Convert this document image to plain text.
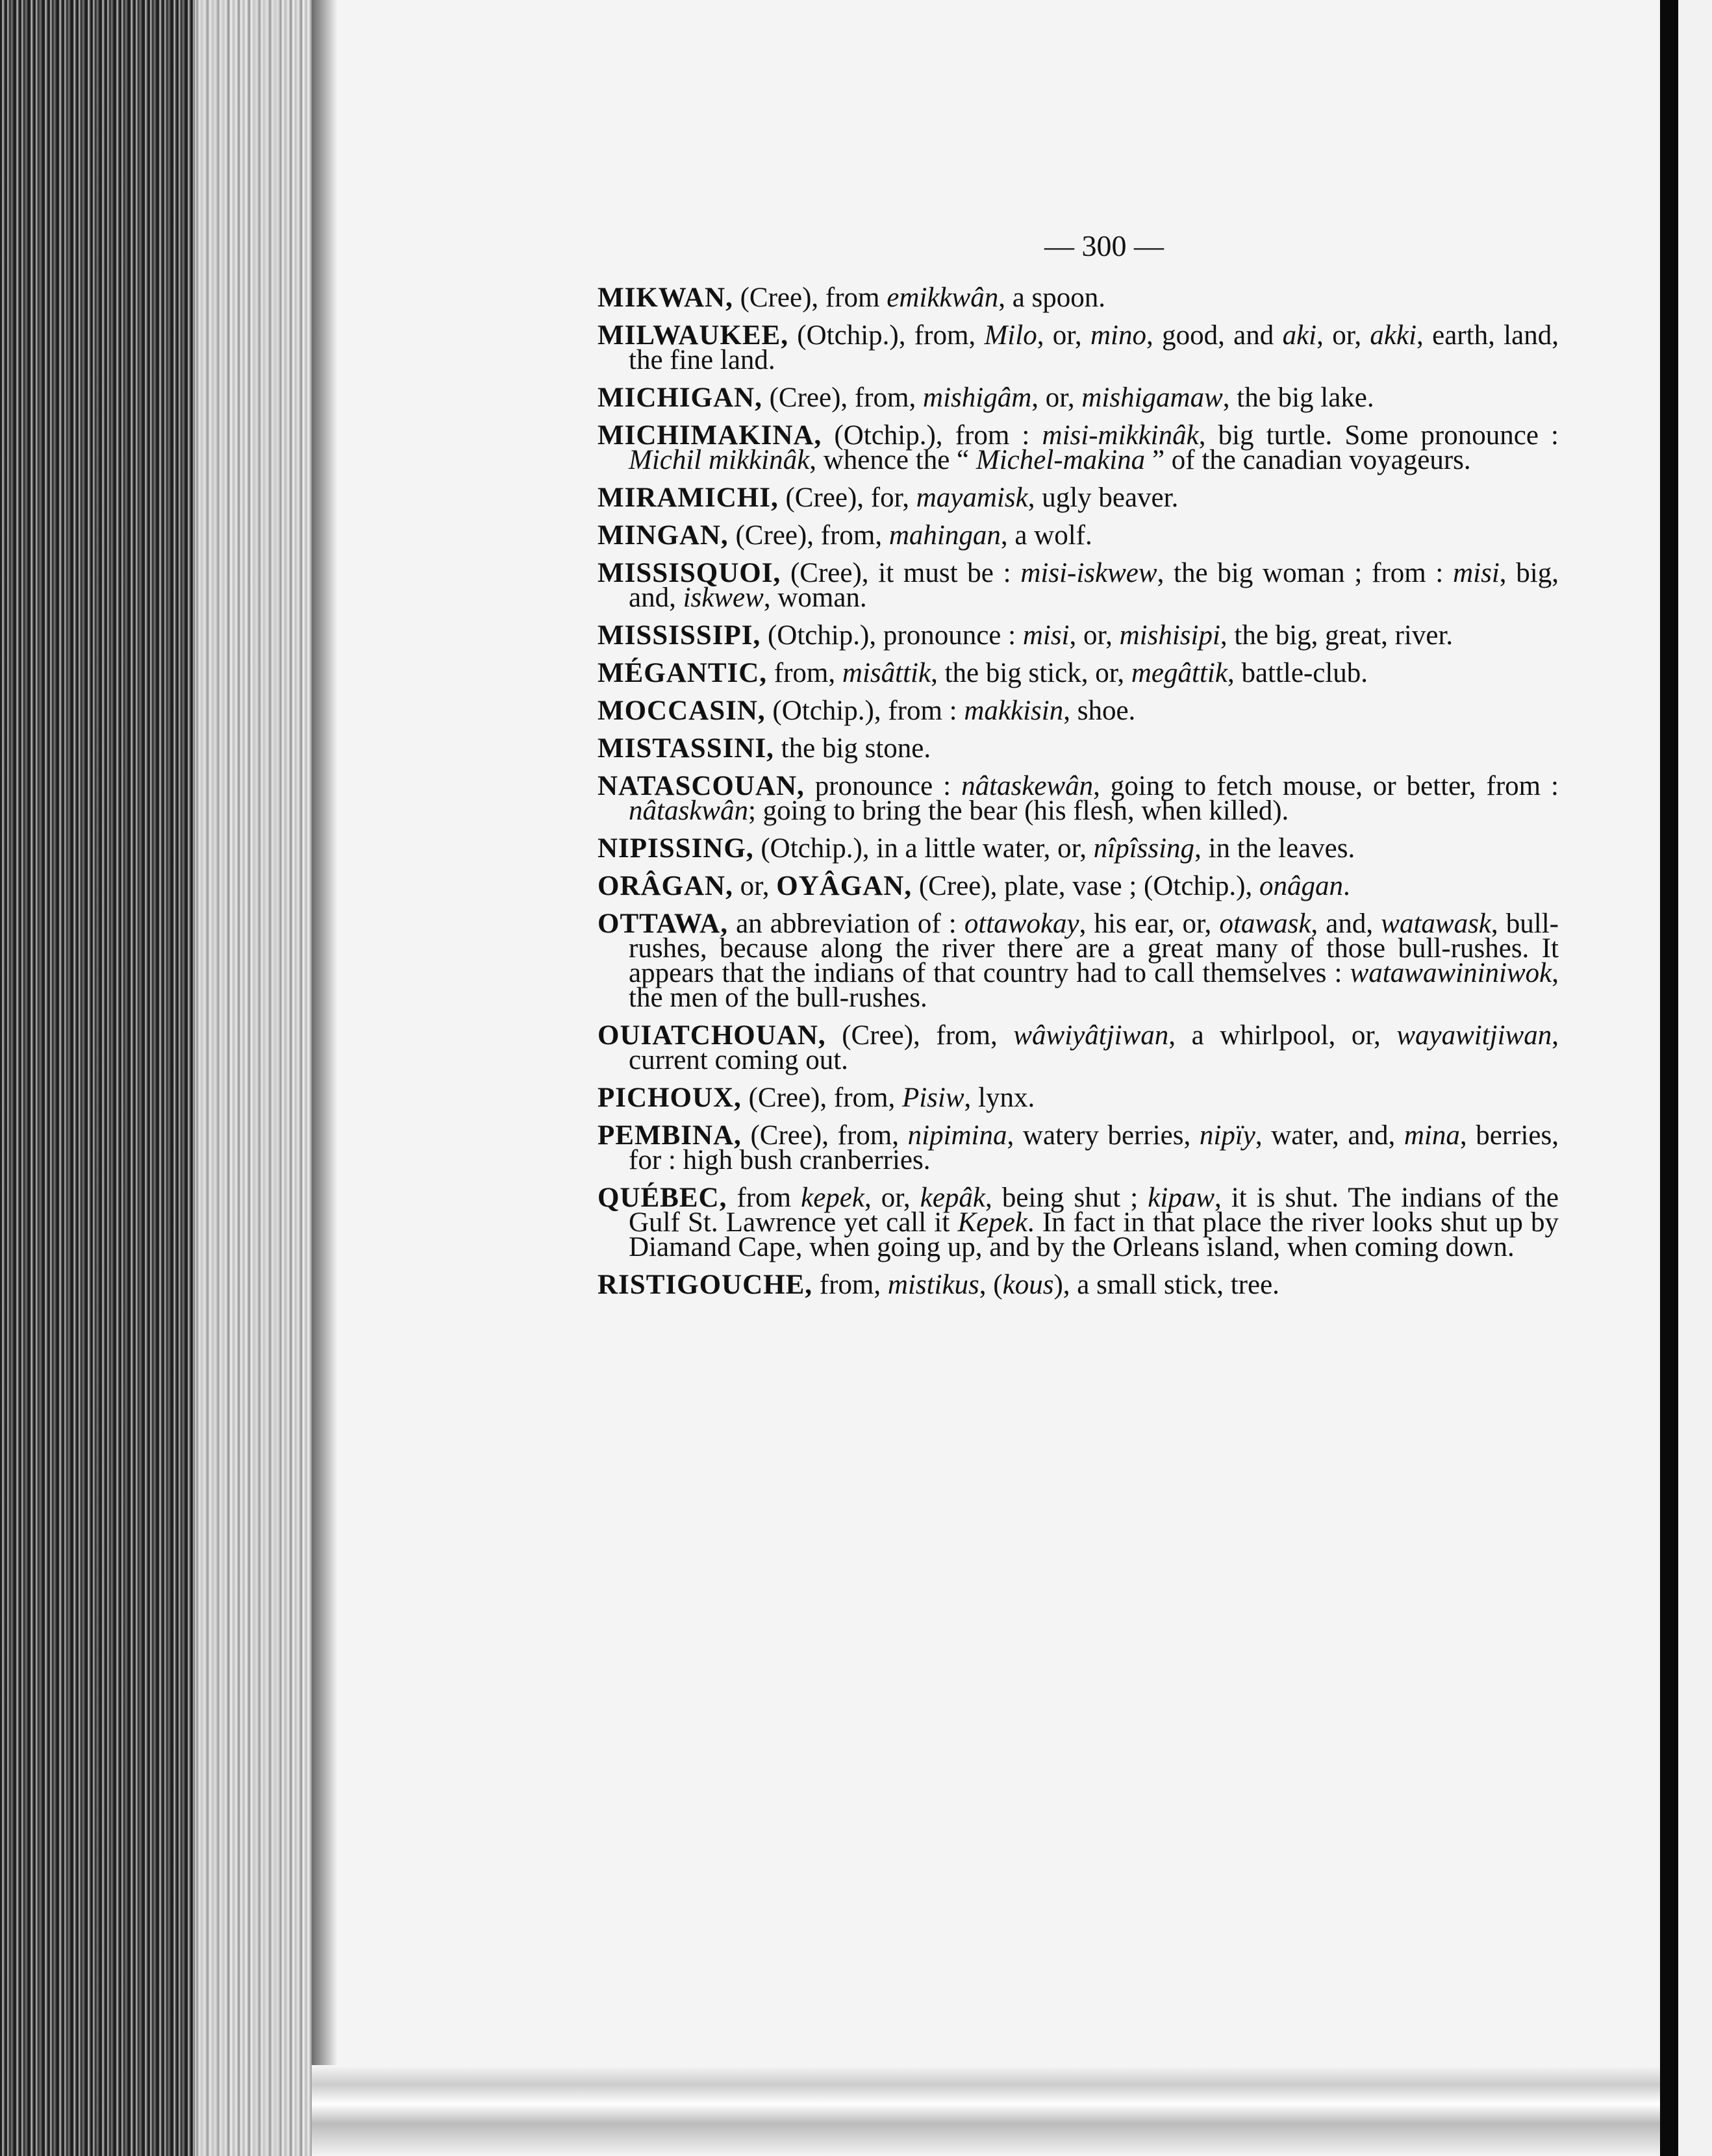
— 300 —

MIKWAN, (Cree), from emikkwân, a spoon.

MILWAUKEE, (Otchip.), from, Milo, or, mino, good, and aki, or, akki, earth, land, the fine land.

MICHIGAN, (Cree), from, mishigâm, or, mishigamaw, the big lake.

MICHIMAKINA, (Otchip.), from : misi-mikkinâk, big turtle. Some pronounce : Michil mikkinâk, whence the “ Michel-makina ” of the canadian voyageurs.

MIRAMICHI, (Cree), for, mayamisk, ugly beaver.

MINGAN, (Cree), from, mahingan, a wolf.

MISSISQUOI, (Cree), it must be : misi-iskwew, the big woman ; from : misi, big, and, iskwew, woman.

MISSISSIPI, (Otchip.), pronounce : misi, or, mishisipi, the big, great, river.

MÉGANTIC, from, misâttik, the big stick, or, megâttik, battle-club.

MOCCASIN, (Otchip.), from : makkisin, shoe.

MISTASSINI, the big stone.

NATASCOUAN, pronounce : nâtaskewân, going to fetch mouse, or better, from : nâtaskwân; going to bring the bear (his flesh, when killed).

NIPISSING, (Otchip.), in a little water, or, nîpîssing, in the leaves.

ORÂGAN, or, OYÂGAN, (Cree), plate, vase ; (Otchip.), onâgan.

OTTAWA, an abbreviation of : ottawokay, his ear, or, otawask, and, watawask, bull-rushes, because along the river there are a great many of those bull-rushes. It appears that the indians of that country had to call themselves : watawawininiwok, the men of the bull-rushes.

OUIATCHOUAN, (Cree), from, wâwiyâtjiwan, a whirlpool, or, wayawitjiwan, current coming out.

PICHOUX, (Cree), from, Pisiw, lynx.

PEMBINA, (Cree), from, nipimina, watery berries, nipïy, water, and, mina, berries, for : high bush cranberries.

QUÉBEC, from kepek, or, kepâk, being shut ; kipaw, it is shut. The indians of the Gulf St. Lawrence yet call it Kepek. In fact in that place the river looks shut up by Diamand Cape, when going up, and by the Orleans island, when coming down.

RISTIGOUCHE, from, mistikus, (kous), a small stick, tree.
